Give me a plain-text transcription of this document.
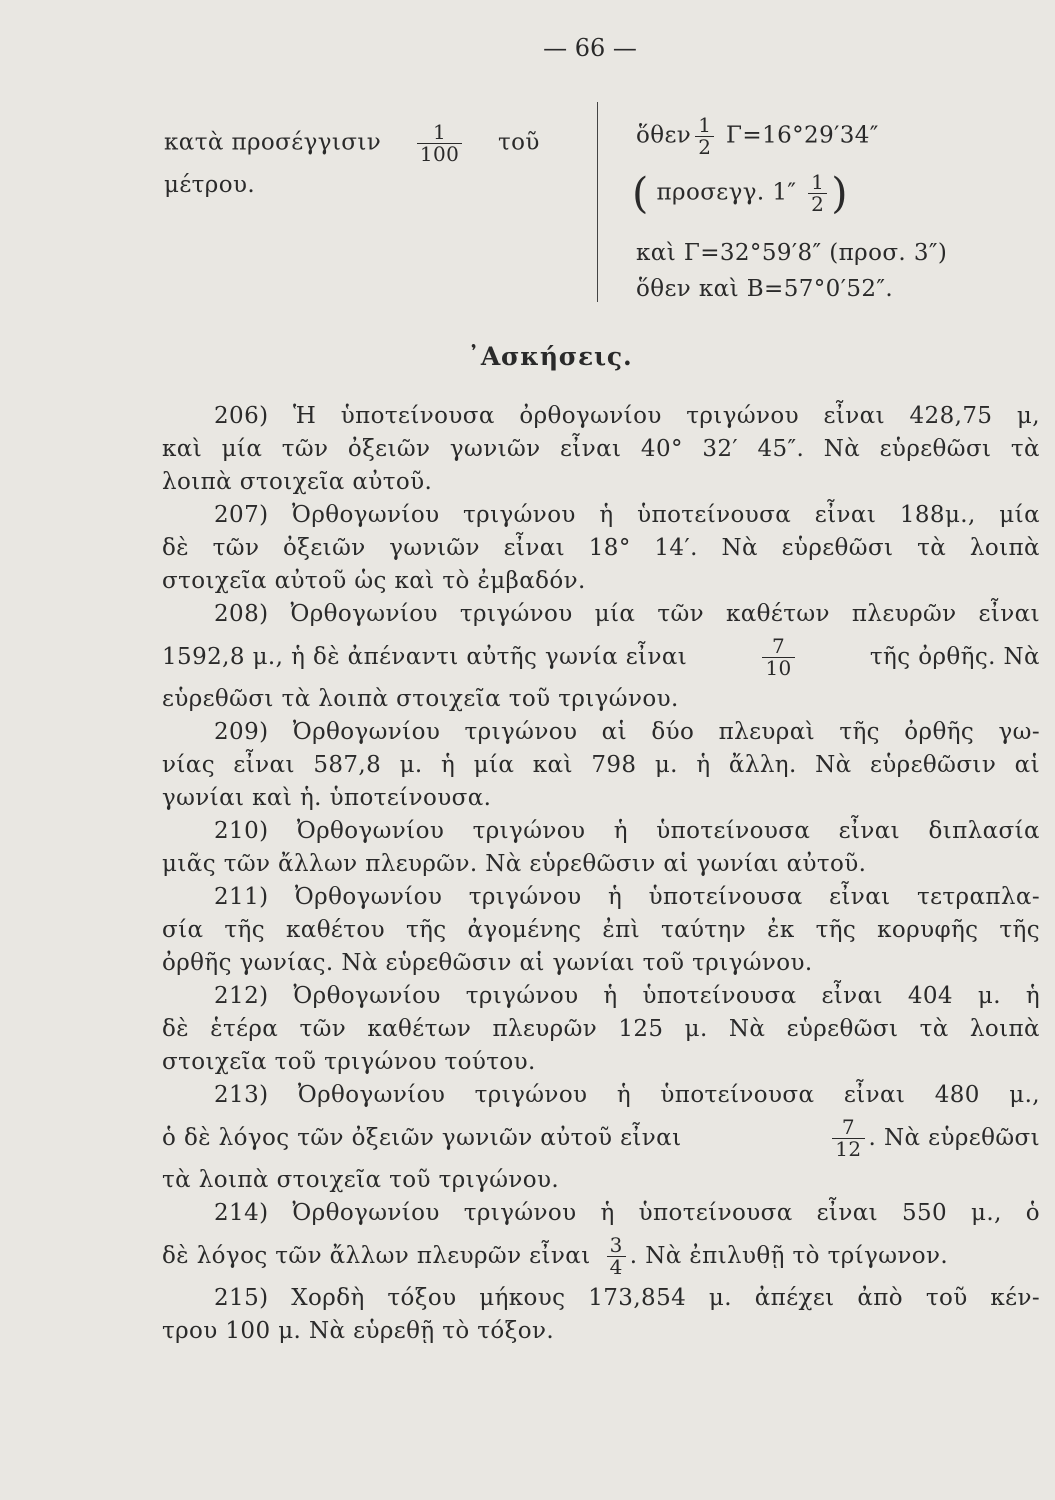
— 66 —
κατὰ προσέγγισιν $\frac{1}{100}$ τοῦ
μέτρου.
ὅθεν $\frac{1}{2} \Gamma=16^\circ 29'34''$
( προσεγγ. $1'' \frac{1}{2}$ )
καὶ Γ=32°59′8″ (προσ. 3″)
ὅθεν καὶ Β=57°0′52″.
᾿Ασκήσεις.
206) Ἡ ὑποτείνουσα ὀρθογωνίου τριγώνου εἶναι 428,75 μ,
καὶ μία τῶν ὀξειῶν γωνιῶν εἶναι 40° 32′ 45″. Νὰ εὑρεθῶσι τὰ
λοιπὰ στοιχεῖα αὐτοῦ.
207) Ὀρθογωνίου τριγώνου ἡ ὑποτείνουσα εἶναι 188μ., μία
δὲ τῶν ὀξειῶν γωνιῶν εἶναι 18° 14′. Νὰ εὑρεθῶσι τὰ λοιπὰ
στοιχεῖα αὐτοῦ ὡς καὶ τὸ ἐμβαδόν.
208) Ὀρθογωνίου τριγώνου μία τῶν καθέτων πλευρῶν εἶναι
1592,8 μ., ἡ δὲ ἀπέναντι αὐτῆς γωνία εἶναι	$\frac{7}{10}$	τῆς ὀρθῆς. Νὰ
εὑρεθῶσι τὰ λοιπὰ στοιχεῖα τοῦ τριγώνου.
209) Ὀρθογωνίου τριγώνου αἱ δύο πλευραὶ τῆς ὀρθῆς γω-
νίας εἶναι 587,8 μ. ἡ μία καὶ 798 μ. ἡ ἄλλη. Νὰ εὑρεθῶσιν αἱ
γωνίαι καὶ ἡ. ὑποτείνουσα.
210) Ὀρθογωνίου τριγώνου ἡ ὑποτείνουσα εἶναι διπλασία
μιᾶς τῶν ἄλλων πλευρῶν. Νὰ εὑρεθῶσιν αἱ γωνίαι αὐτοῦ.
211) Ὀρθογωνίου τριγώνου ἡ ὑποτείνουσα εἶναι τετραπλα-
σία τῆς καθέτου τῆς ἀγομένης ἐπὶ ταύτην ἐκ τῆς κορυφῆς τῆς
ὀρθῆς γωνίας. Νὰ εὑρεθῶσιν αἱ γωνίαι τοῦ τριγώνου.
212) Ὀρθογωνίου τριγώνου ἡ ὑποτείνουσα εἶναι 404 μ. ἡ
δὲ ἑτέρα τῶν καθέτων πλευρῶν 125 μ. Νὰ εὑρεθῶσι τὰ λοιπὰ
στοιχεῖα τοῦ τριγώνου τούτου.
213) Ὀρθογωνίου τριγώνου ἡ ὑποτείνουσα εἶναι 480 μ.,
ὁ δὲ λόγος τῶν ὀξειῶν γωνιῶν αὐτοῦ εἶναι	$\frac{7}{12}$ . Νὰ εὑρεθῶσι
τὰ λοιπὰ στοιχεῖα τοῦ τριγώνου.
214) Ὀρθογωνίου τριγώνου ἡ ὑποτείνουσα εἶναι 550 μ., ὁ
δὲ λόγος τῶν ἄλλων πλευρῶν εἶναι $\frac{3}{4}$ . Νὰ ἐπιλυθῇ τὸ τρίγωνον.
215) Χορδὴ τόξου μήκους 173,854 μ. ἀπέχει ἀπὸ τοῦ κέν-
τρου 100 μ. Νὰ εὑρεθῇ τὸ τόξον.
